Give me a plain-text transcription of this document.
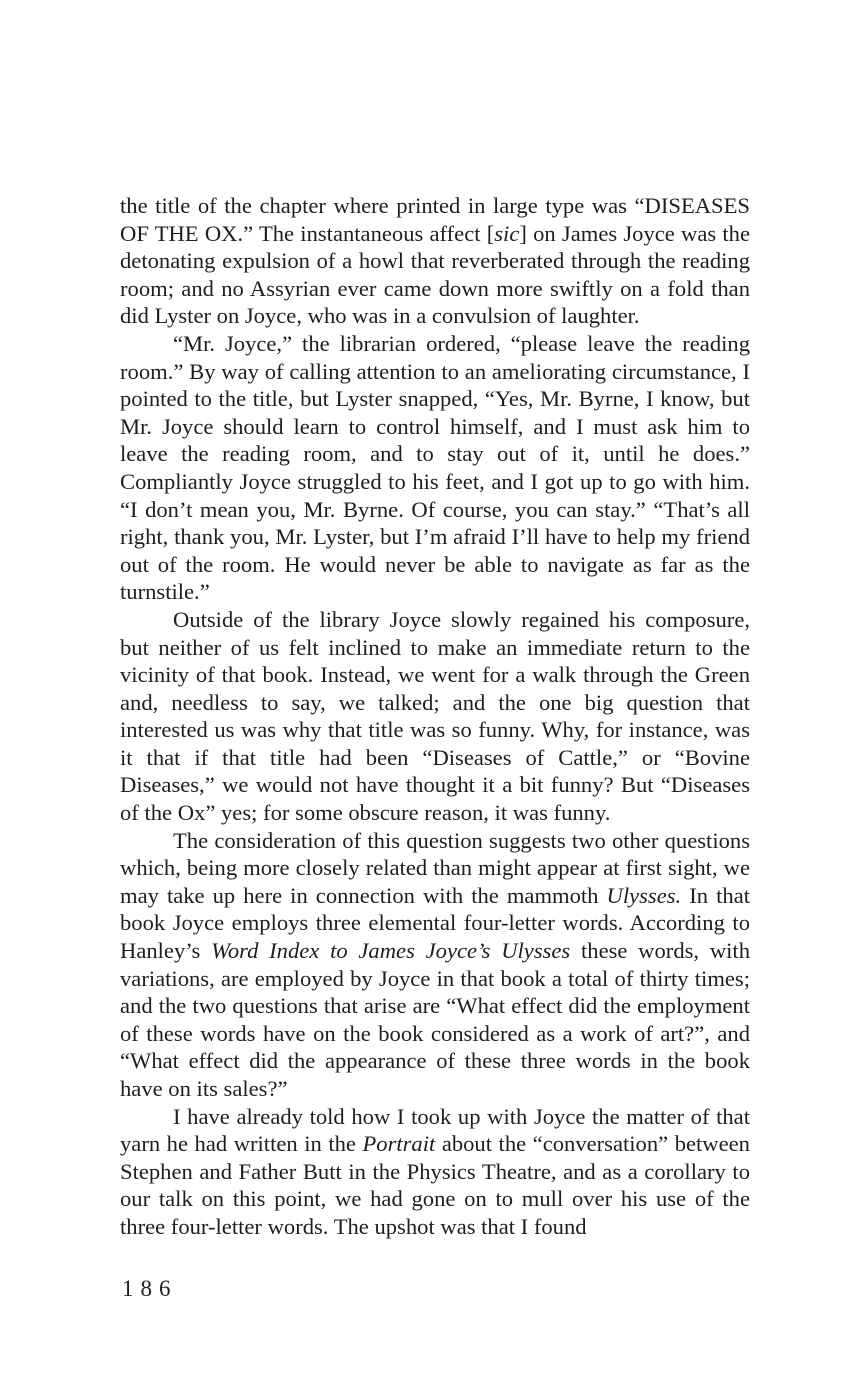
the title of the chapter where printed in large type was “DISEASES OF THE OX.” The instantaneous affect [sic] on James Joyce was the detonating expulsion of a howl that reverberated through the reading room; and no Assyrian ever came down more swiftly on a fold than did Lyster on Joyce, who was in a convulsion of laughter.

“Mr. Joyce,” the librarian ordered, “please leave the reading room.” By way of calling attention to an ameliorating circumstance, I pointed to the title, but Lyster snapped, “Yes, Mr. Byrne, I know, but Mr. Joyce should learn to control himself, and I must ask him to leave the reading room, and to stay out of it, until he does.” Compliantly Joyce struggled to his feet, and I got up to go with him. “I don’t mean you, Mr. Byrne. Of course, you can stay.” “That’s all right, thank you, Mr. Lyster, but I’m afraid I’ll have to help my friend out of the room. He would never be able to navigate as far as the turnstile.”

Outside of the library Joyce slowly regained his composure, but neither of us felt inclined to make an immediate return to the vicinity of that book. Instead, we went for a walk through the Green and, needless to say, we talked; and the one big question that interested us was why that title was so funny. Why, for instance, was it that if that title had been “Diseases of Cattle,” or “Bovine Diseases,” we would not have thought it a bit funny? But “Diseases of the Ox” yes; for some obscure reason, it was funny.

The consideration of this question suggests two other questions which, being more closely related than might appear at first sight, we may take up here in connection with the mammoth Ulysses. In that book Joyce employs three elemental four-letter words. According to Hanley’s Word Index to James Joyce’s Ulysses these words, with variations, are employed by Joyce in that book a total of thirty times; and the two questions that arise are “What effect did the employment of these words have on the book considered as a work of art?”, and “What effect did the appearance of these three words in the book have on its sales?”

I have already told how I took up with Joyce the matter of that yarn he had written in the Portrait about the “conversation” between Stephen and Father Butt in the Physics Theatre, and as a corollary to our talk on this point, we had gone on to mull over his use of the three four-letter words. The upshot was that I found

186
